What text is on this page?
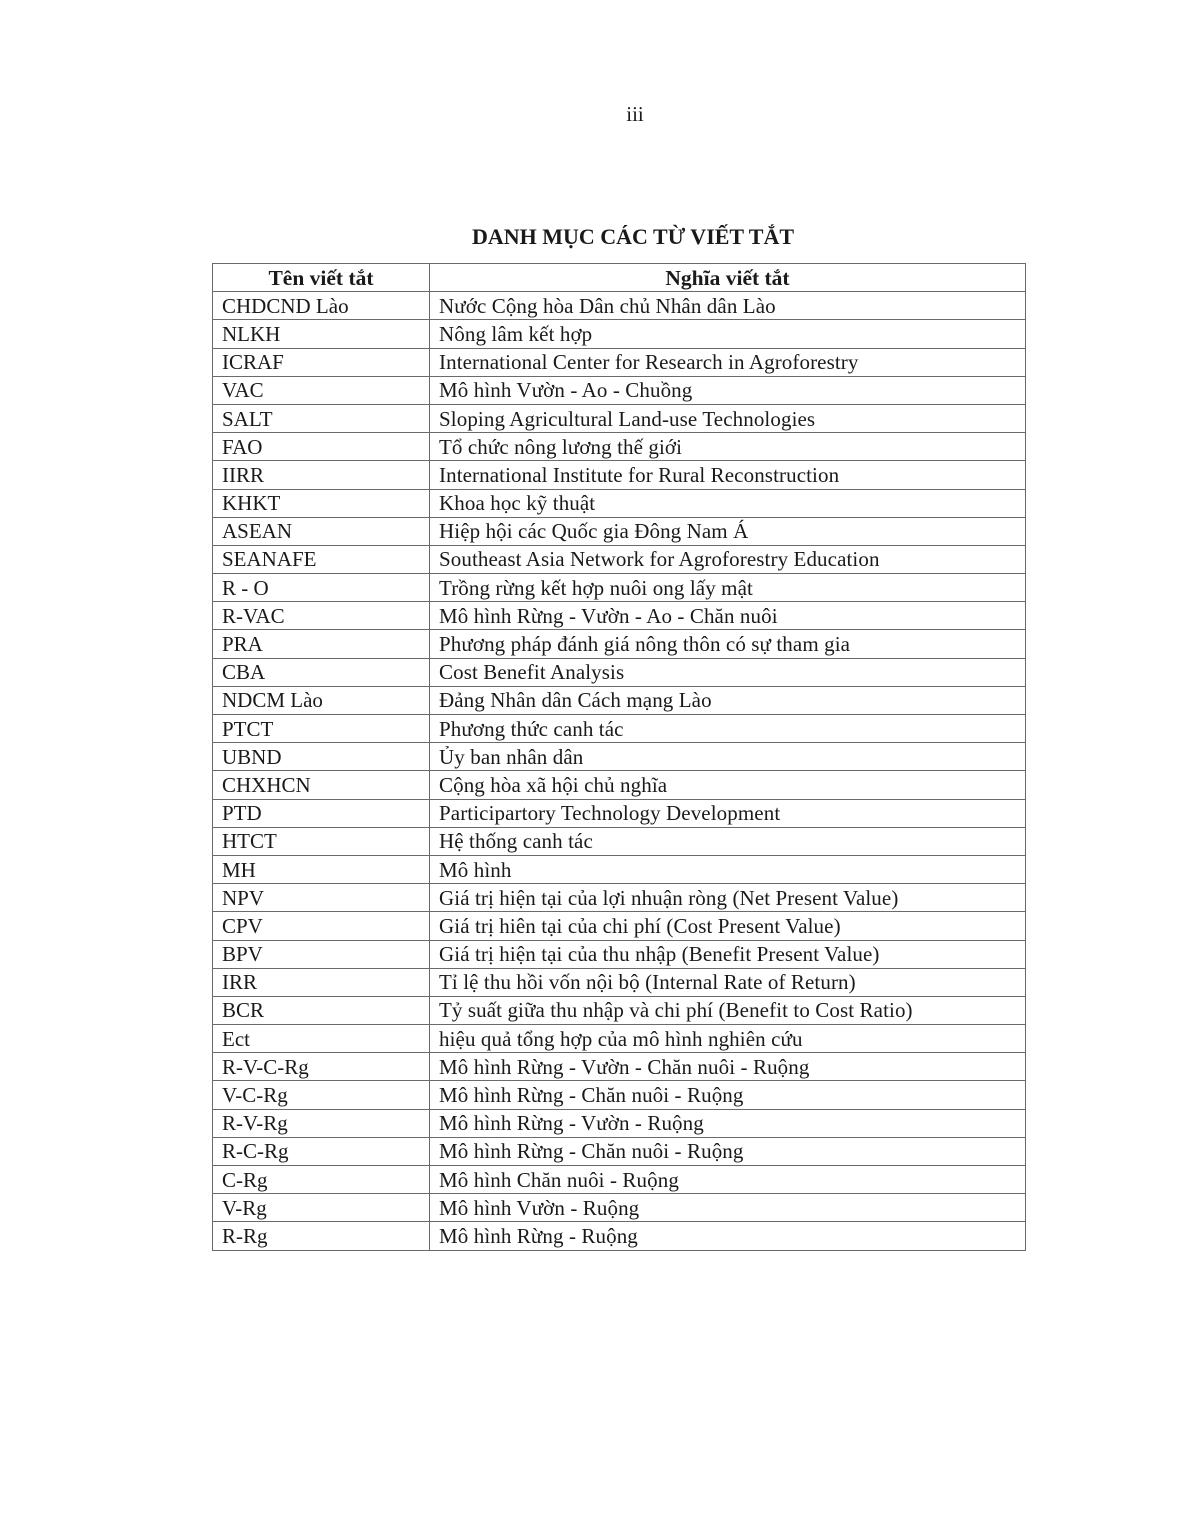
iii
DANH MỤC CÁC TỪ VIẾT TẮT
Tên viết tắt	Nghĩa viết tắt
CHDCND Lào	Nước Cộng hòa Dân chủ Nhân dân Lào
NLKH	Nông lâm kết hợp
ICRAF	International Center for Research in Agroforestry
VAC	Mô hình Vườn - Ao - Chuồng
SALT	Sloping Agricultural Land-use Technologies
FAO	Tổ chức nông lương thế giới
IIRR	International Institute for Rural Reconstruction
KHKT	Khoa học kỹ thuật
ASEAN	Hiệp hội các Quốc gia Đông Nam Á
SEANAFE	Southeast Asia Network for Agroforestry Education
R - O	Trồng rừng kết hợp nuôi ong lấy mật
R-VAC	Mô hình Rừng - Vườn - Ao - Chăn nuôi
PRA	Phương pháp đánh giá nông thôn có sự tham gia
CBA	Cost Benefit Analysis
NDCM Lào	Đảng Nhân dân Cách mạng Lào
PTCT	Phương thức canh tác
UBND	Ủy ban nhân dân
CHXHCN	Cộng hòa xã hội chủ nghĩa
PTD	Participartory Technology Development
HTCT	Hệ thống canh tác
MH	Mô hình
NPV	Giá trị hiện tại của lợi nhuận ròng (Net Present Value)
CPV	Giá trị hiên tại của chi phí (Cost Present Value)
BPV	Giá trị hiện tại của thu nhập (Benefit Present Value)
IRR	Tỉ lệ thu hồi vốn nội bộ (Internal Rate of Return)
BCR	Tỷ suất giữa thu nhập và chi phí (Benefit to Cost Ratio)
Ect	hiệu quả tổng hợp của mô hình nghiên cứu
R-V-C-Rg	Mô hình Rừng - Vườn - Chăn nuôi - Ruộng
V-C-Rg	Mô hình Rừng - Chăn nuôi - Ruộng
R-V-Rg	Mô hình Rừng - Vườn - Ruộng
R-C-Rg	Mô hình Rừng - Chăn nuôi - Ruộng
C-Rg	Mô hình Chăn nuôi - Ruộng
V-Rg	Mô hình Vườn - Ruộng
R-Rg	Mô hình Rừng - Ruộng
